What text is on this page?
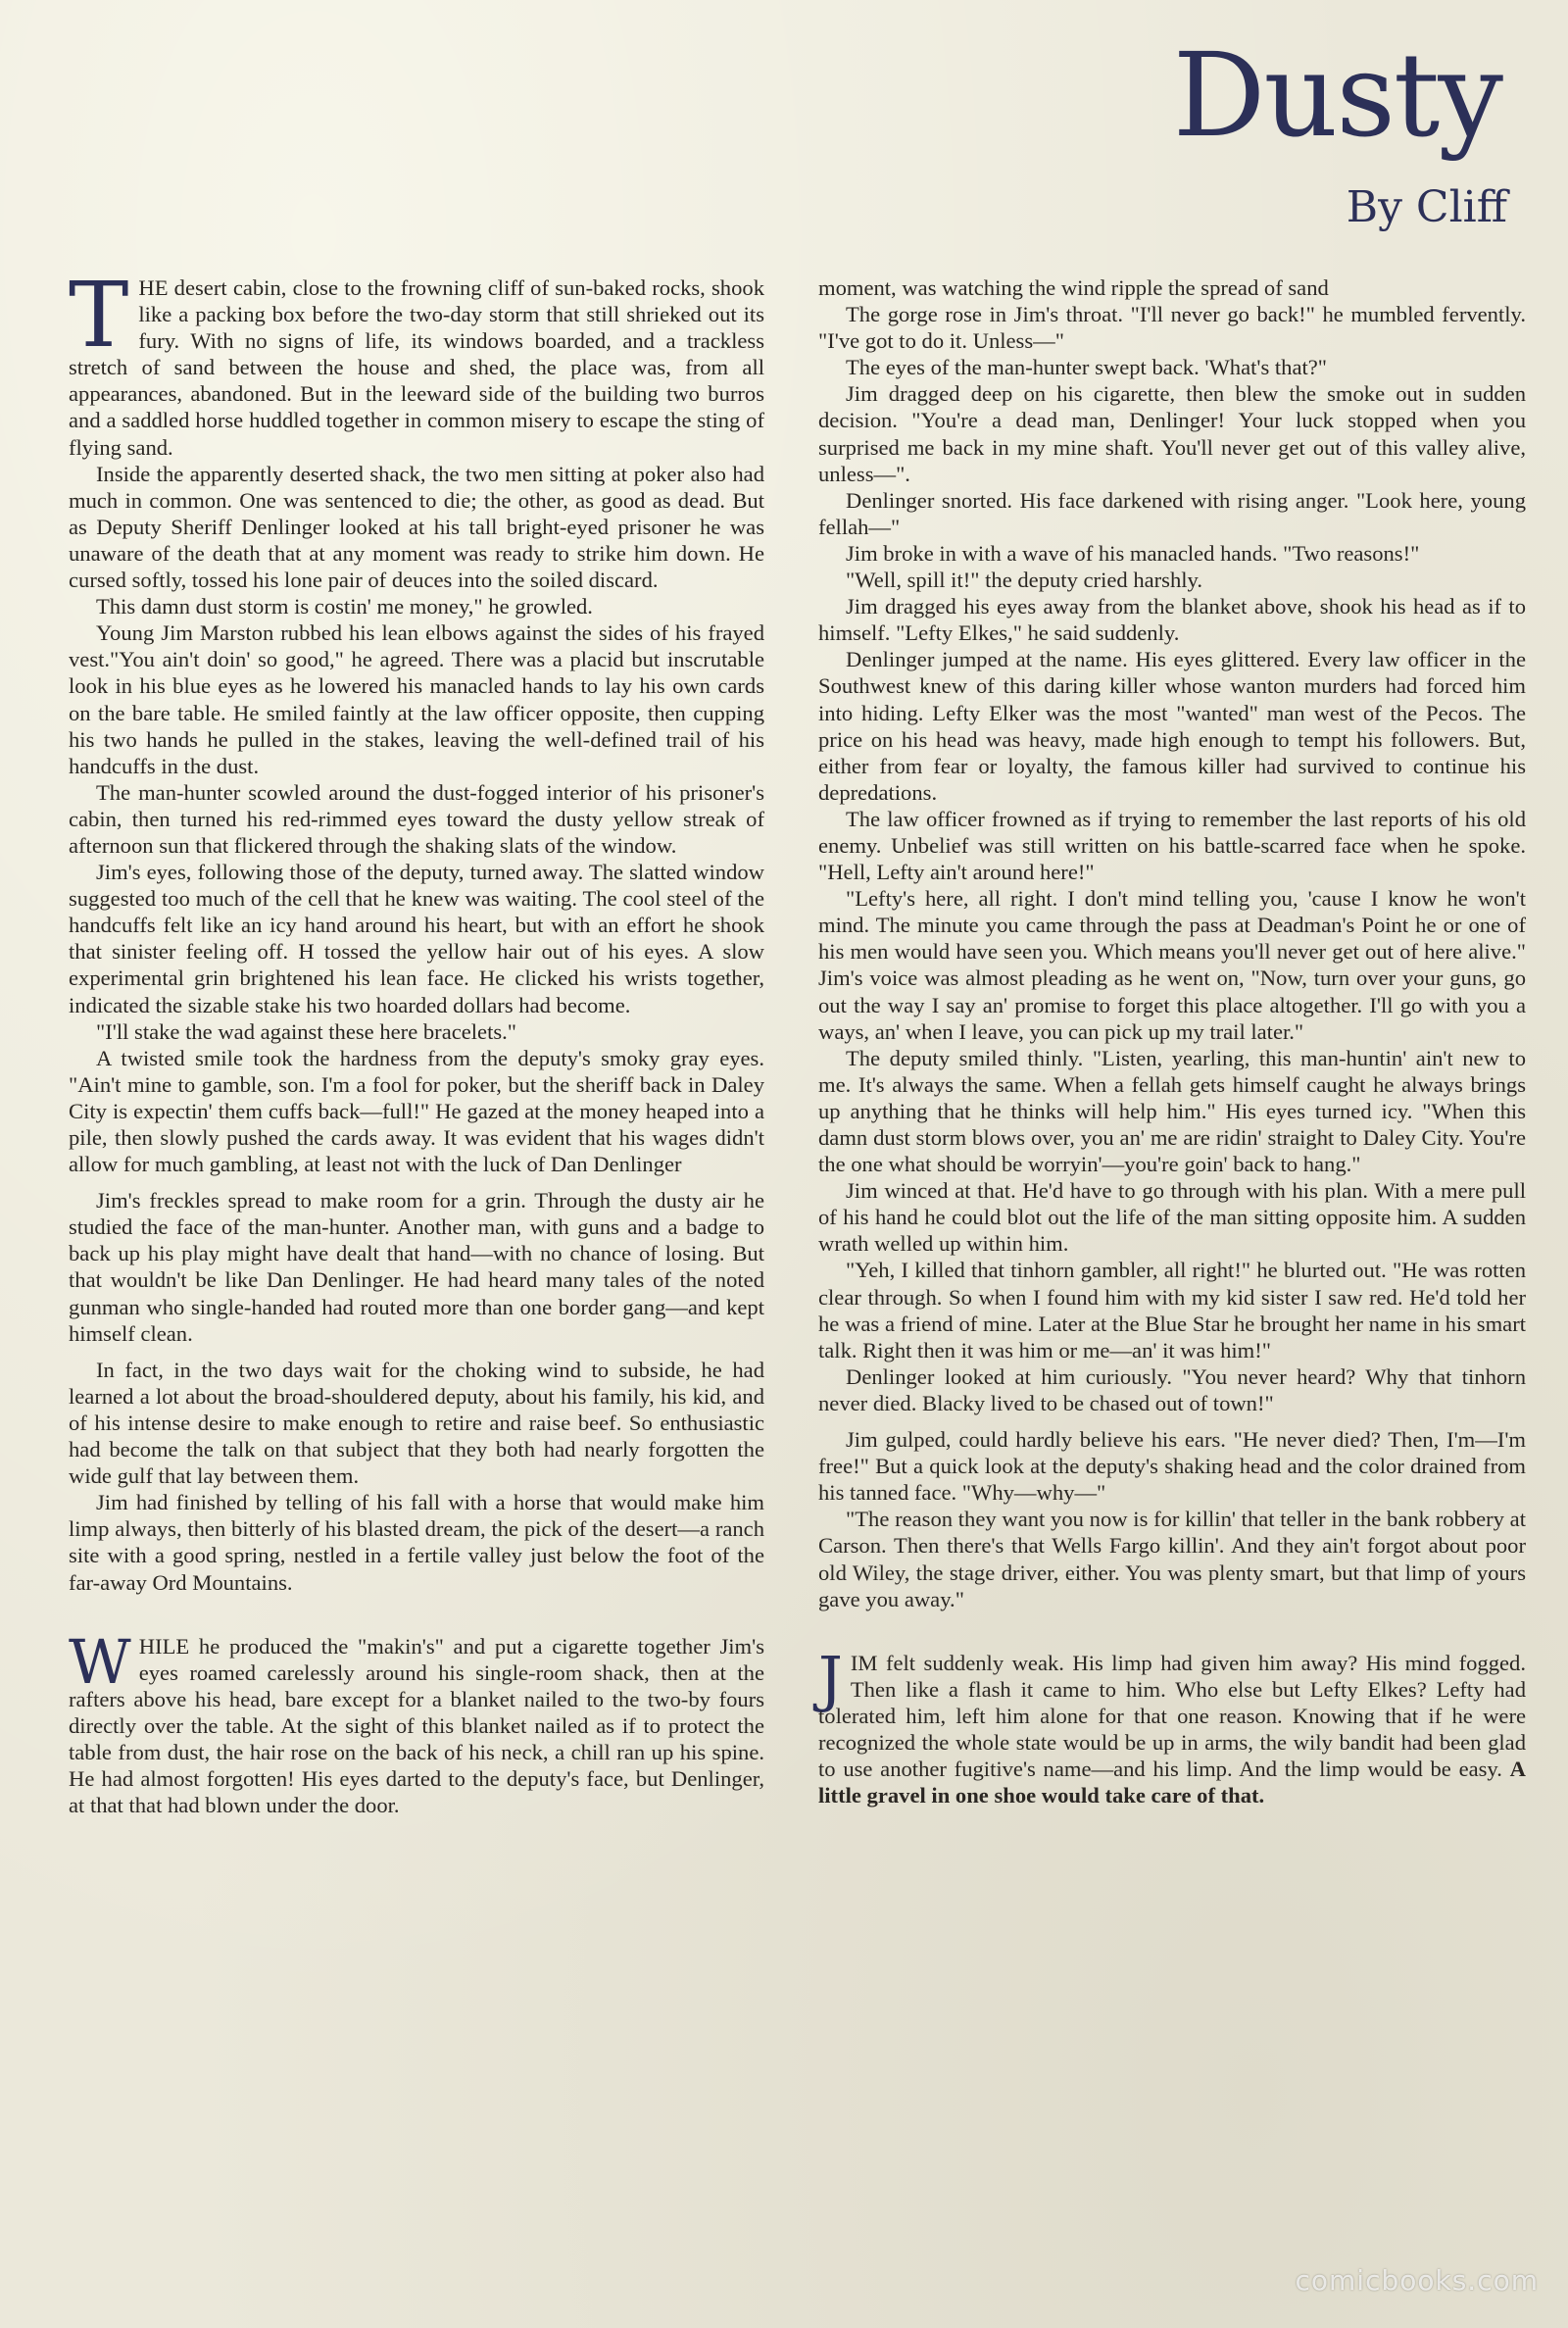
Dusty
By Cliff

THE desert cabin, close to the frowning cliff of sun-baked rocks, shook like a packing box before the two-day storm that still shrieked out its fury. With no signs of life, its windows boarded, and a trackless stretch of sand between the house and shed, the place was, from all appearances, abandoned. But in the leeward side of the building two burros and a saddled horse huddled together in common misery to escape the sting of flying sand.

Inside the apparently deserted shack, the two men sitting at poker also had much in common. One was sentenced to die; the other, as good as dead. But as Deputy Sheriff Denlinger looked at his tall bright-eyed prisoner he was unaware of the death that at any moment was ready to strike him down. He cursed softly, tossed his lone pair of deuces into the soiled discard.

This damn dust storm is costin' me money," he growled.

Young Jim Marston rubbed his lean elbows against the sides of his frayed vest."You ain't doin' so good," he agreed. There was a placid but inscrutable look in his blue eyes as he lowered his manacled hands to lay his own cards on the bare table. He smiled faintly at the law officer opposite, then cupping his two hands he pulled in the stakes, leaving the well-defined trail of his handcuffs in the dust.

The man-hunter scowled around the dust-fogged interior of his prisoner's cabin, then turned his red-rimmed eyes toward the dusty yellow streak of afternoon sun that flickered through the shaking slats of the window.

Jim's eyes, following those of the deputy, turned away. The slatted window suggested too much of the cell that he knew was waiting. The cool steel of the handcuffs felt like an icy hand around his heart, but with an effort he shook that sinister feeling off. H tossed the yellow hair out of his eyes. A slow experimental grin brightened his lean face. He clicked his wrists together, indicated the sizable stake his two hoarded dollars had become.

"I'll stake the wad against these here bracelets."

A twisted smile took the hardness from the deputy's smoky gray eyes. "Ain't mine to gamble, son. I'm a fool for poker, but the sheriff back in Daley City is expectin' them cuffs back—full!" He gazed at the money heaped into a pile, then slowly pushed the cards away. It was evident that his wages didn't allow for much gambling, at least not with the luck of Dan Denlinger

Jim's freckles spread to make room for a grin. Through the dusty air he studied the face of the man-hunter. Another man, with guns and a badge to back up his play might have dealt that hand—with no chance of losing. But that wouldn't be like Dan Denlinger. He had heard many tales of the noted gunman who single-handed had routed more than one border gang—and kept himself clean.

In fact, in the two days wait for the choking wind to subside, he had learned a lot about the broad-shouldered deputy, about his family, his kid, and of his intense desire to make enough to retire and raise beef. So enthusiastic had become the talk on that subject that they both had nearly forgotten the wide gulf that lay between them.

Jim had finished by telling of his fall with a horse that would make him limp always, then bitterly of his blasted dream, the pick of the desert—a ranch site with a good spring, nestled in a fertile valley just below the foot of the far-away Ord Mountains.

WHILE he produced the "makin's" and put a cigarette together Jim's eyes roamed carelessly around his single-room shack, then at the rafters above his head, bare except for a blanket nailed to the two-by fours directly over the table. At the sight of this blanket nailed as if to protect the table from dust, the hair rose on the back of his neck, a chill ran up his spine. He had almost forgotten! His eyes darted to the deputy's face, but Denlinger, at that that had blown under the door.

moment, was watching the wind ripple the spread of sand

The gorge rose in Jim's throat. "I'll never go back!" he mumbled fervently. "I've got to do it. Unless—"

The eyes of the man-hunter swept back. 'What's that?"

Jim dragged deep on his cigarette, then blew the smoke out in sudden decision. "You're a dead man, Denlinger! Your luck stopped when you surprised me back in my mine shaft. You'll never get out of this valley alive, unless—".

Denlinger snorted. His face darkened with rising anger. "Look here, young fellah—"

Jim broke in with a wave of his manacled hands. "Two reasons!"

"Well, spill it!" the deputy cried harshly.

Jim dragged his eyes away from the blanket above, shook his head as if to himself. "Lefty Elkes," he said suddenly.

Denlinger jumped at the name. His eyes glittered. Every law officer in the Southwest knew of this daring killer whose wanton murders had forced him into hiding. Lefty Elker was the most "wanted" man west of the Pecos. The price on his head was heavy, made high enough to tempt his followers. But, either from fear or loyalty, the famous killer had survived to continue his depredations.

The law officer frowned as if trying to remember the last reports of his old enemy. Unbelief was still written on his battle-scarred face when he spoke. "Hell, Lefty ain't around here!"

"Lefty's here, all right. I don't mind telling you, 'cause I know he won't mind. The minute you came through the pass at Deadman's Point he or one of his men would have seen you. Which means you'll never get out of here alive." Jim's voice was almost pleading as he went on, "Now, turn over your guns, go out the way I say an' promise to forget this place altogether. I'll go with you a ways, an' when I leave, you can pick up my trail later."

The deputy smiled thinly. "Listen, yearling, this man-huntin' ain't new to me. It's always the same. When a fellah gets himself caught he always brings up anything that he thinks will help him." His eyes turned icy. "When this damn dust storm blows over, you an' me are ridin' straight to Daley City. You're the one what should be worryin'—you're goin' back to hang."

Jim winced at that. He'd have to go through with his plan. With a mere pull of his hand he could blot out the life of the man sitting opposite him. A sudden wrath welled up within him.

"Yeh, I killed that tinhorn gambler, all right!" he blurted out. "He was rotten clear through. So when I found him with my kid sister I saw red. He'd told her he was a friend of mine. Later at the Blue Star he brought her name in his smart talk. Right then it was him or me—an' it was him!"

Denlinger looked at him curiously. "You never heard? Why that tinhorn never died. Blacky lived to be chased out of town!"

Jim gulped, could hardly believe his ears. "He never died? Then, I'm—I'm free!" But a quick look at the deputy's shaking head and the color drained from his tanned face. "Why—why—"

"The reason they want you now is for killin' that teller in the bank robbery at Carson. Then there's that Wells Fargo killin'. And they ain't forgot about poor old Wiley, the stage driver, either. You was plenty smart, but that limp of yours gave you away."

JIM felt suddenly weak. His limp had given him away? His mind fogged. Then like a flash it came to him. Who else but Lefty Elkes? Lefty had tolerated him, left him alone for that one reason. Knowing that if he were recognized the whole state would be up in arms, the wily bandit had been glad to use another fugitive's name—and his limp. And the limp would be easy. A little gravel in one shoe would take care of that.

comicbooks.com
